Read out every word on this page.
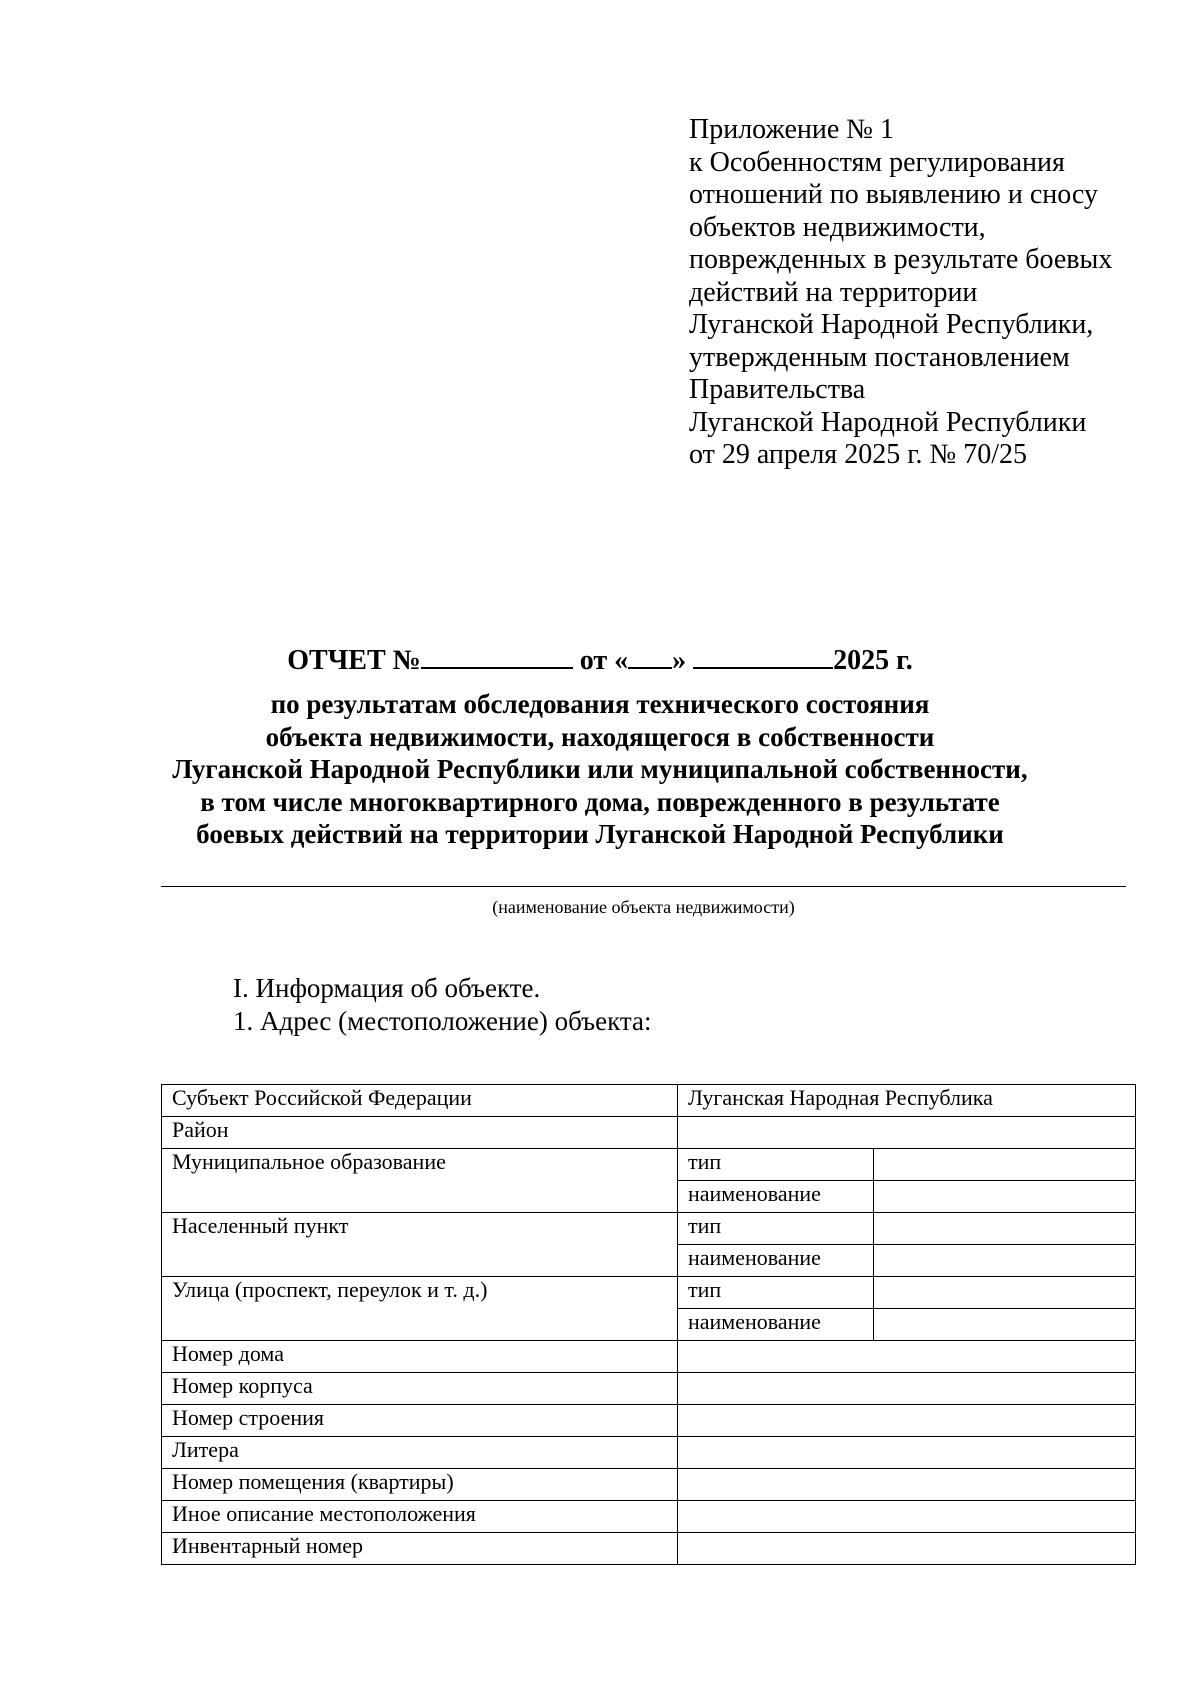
Приложение № 1
к Особенностям регулирования
отношений по выявлению и сносу
объектов недвижимости,
поврежденных в результате боевых
действий на территории
Луганской Народной Республики,
утвержденным постановлением
Правительства
Луганской Народной Республики
от 29 апреля 2025 г. № 70/25
ОТЧЕТ №	от « »	2025 г.
по результатам обследования технического состояния
объекта недвижимости, находящегося в собственности
Луганской Народной Республики или муниципальной собственности,
в том числе многоквартирного дома, поврежденного в результате
боевых действий на территории Луганской Народной Республики
(наименование объекта недвижимости)
I. Информация об объекте.
1. Адрес (местоположение) объекта:
Субъект Российской Федерации	Луганская Народная Республика	
Район		
Муниципальное образование	тип	
	наименование	
Населенный пункт	тип	
	наименование	
Улица (проспект, переулок и т. д.)	тип	
	наименование	
Номер дома		
Номер корпуса		
Номер строения		
Литера		
Номер помещения (квартиры)		
Иное описание местоположения		
Инвентарный номер		
